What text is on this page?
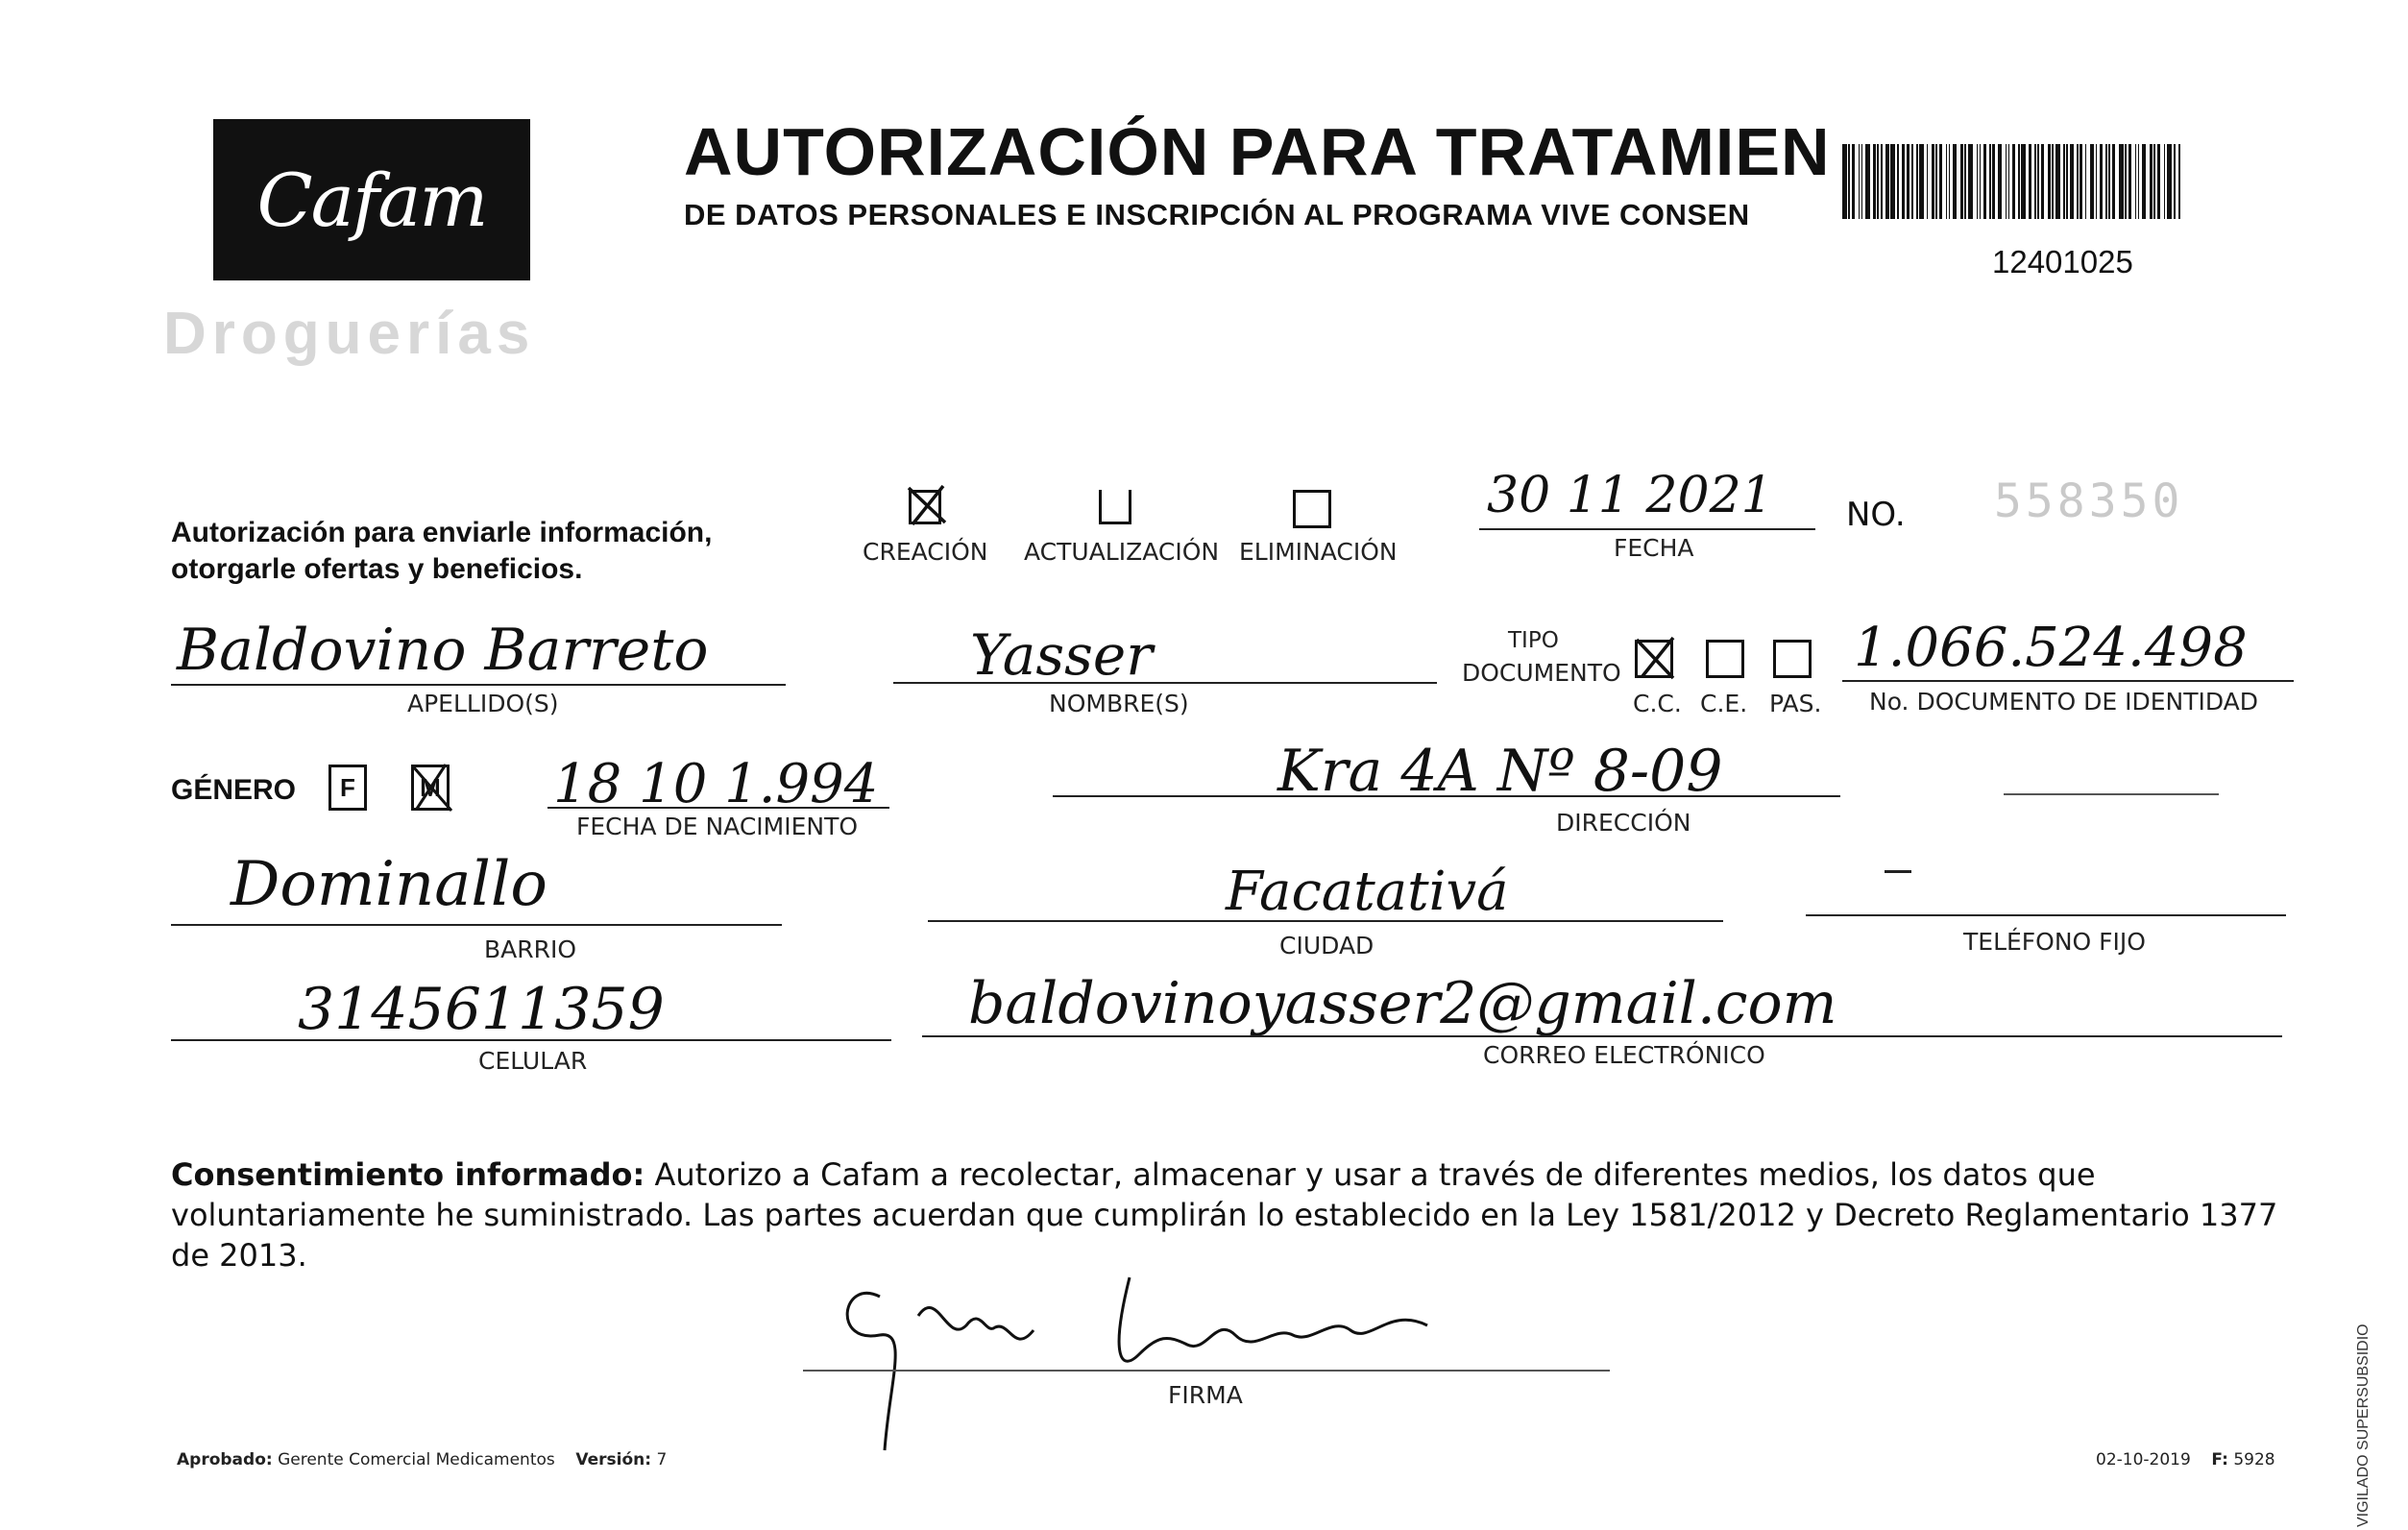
Cafam
Droguerías
AUTORIZACIÓN PARA TRATAMIEN
DE DATOS PERSONALES E INSCRIPCIÓN AL PROGRAMA VIVE CONSEN
12401025
Autorización para enviarle información,
otorgarle ofertas y beneficios.
CREACIÓN ACTUALIZACIÓN ELIMINACIÓN
30 11 2021
FECHA
NO. 558350
Baldovino Barreto
APELLIDO(S)
Yasser
NOMBRE(S)
TIPO
DOCUMENTO
C.C. C.E. PAS.
1.066.524.498
No. DOCUMENTO DE IDENTIDAD
GÉNERO F	M 18 10 1.994
FECHA DE NACIMIENTO
Kra 4A Nº 8-09
DIRECCIÓN
Dominallo
BARRIO
Facatativá
CIUDAD	TELÉFONO FIJO
3145611359
CELULAR
baldovinoyasser2@gmail.com
CORREO ELECTRÓNICO
Consentimiento informado: Autorizo a Cafam a recolectar, almacenar y usar a través de diferentes medios, los datos que voluntariamente he suministrado. Las partes acuerdan que cumplirán lo establecido en la Ley 1581/2012 y Decreto Reglamentario 1377 de 2013.
FIRMA
Aprobado: Gerente Comercial Medicamentos Versión: 7	02-10-2019 F: 5928	VIGILADO SUPERSUBSIDIO
